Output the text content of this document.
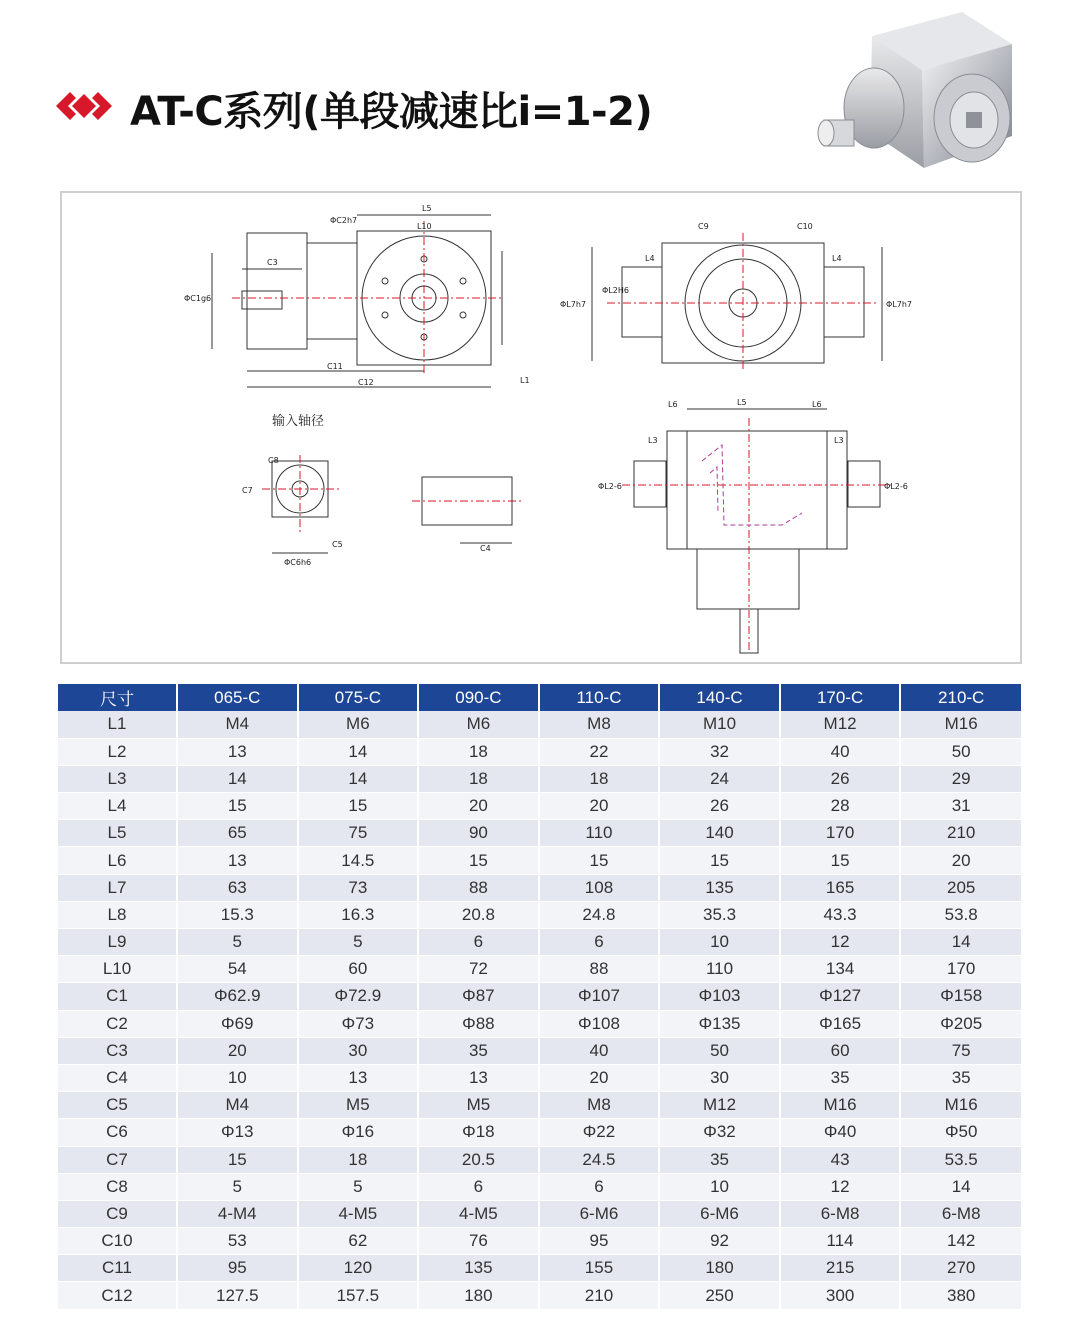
AT-C系列(单段减速比i=1-2)
L5
L10
C3
C11
C12	L1
ΦC1g6
ΦC2h7
C9	C10
L4	L4
ΦL7h7	ΦL7h7
ΦL2H6
L5
L6	L6
L3	L3
ΦL2-6	ΦL2-6
输入轴径
C8
C7
C5
ΦC6h6
C4
尺寸	065-C	075-C	090-C	110-C	140-C	170-C	210-C
L1	M4	M6	M6	M8	M10	M12	M16
L2	13	14	18	22	32	40	50
L3	14	14	18	18	24	26	29
L4	15	15	20	20	26	28	31
L5	65	75	90	110	140	170	210
L6	13	14.5	15	15	15	15	20
L7	63	73	88	108	135	165	205
L8	15.3	16.3	20.8	24.8	35.3	43.3	53.8
L9	5	5	6	6	10	12	14
L10	54	60	72	88	110	134	170
C1	Φ62.9	Φ72.9	Φ87	Φ107	Φ103	Φ127	Φ158
C2	Φ69	Φ73	Φ88	Φ108	Φ135	Φ165	Φ205
C3	20	30	35	40	50	60	75
C4	10	13	13	20	30	35	35
C5	M4	M5	M5	M8	M12	M16	M16
C6	Φ13	Φ16	Φ18	Φ22	Φ32	Φ40	Φ50
C7	15	18	20.5	24.5	35	43	53.5
C8	5	5	6	6	10	12	14
C9	4-M4	4-M5	4-M5	6-M6	6-M6	6-M8	6-M8
C10	53	62	76	95	92	114	142
C11	95	120	135	155	180	215	270
C12	127.5	157.5	180	210	250	300	380
